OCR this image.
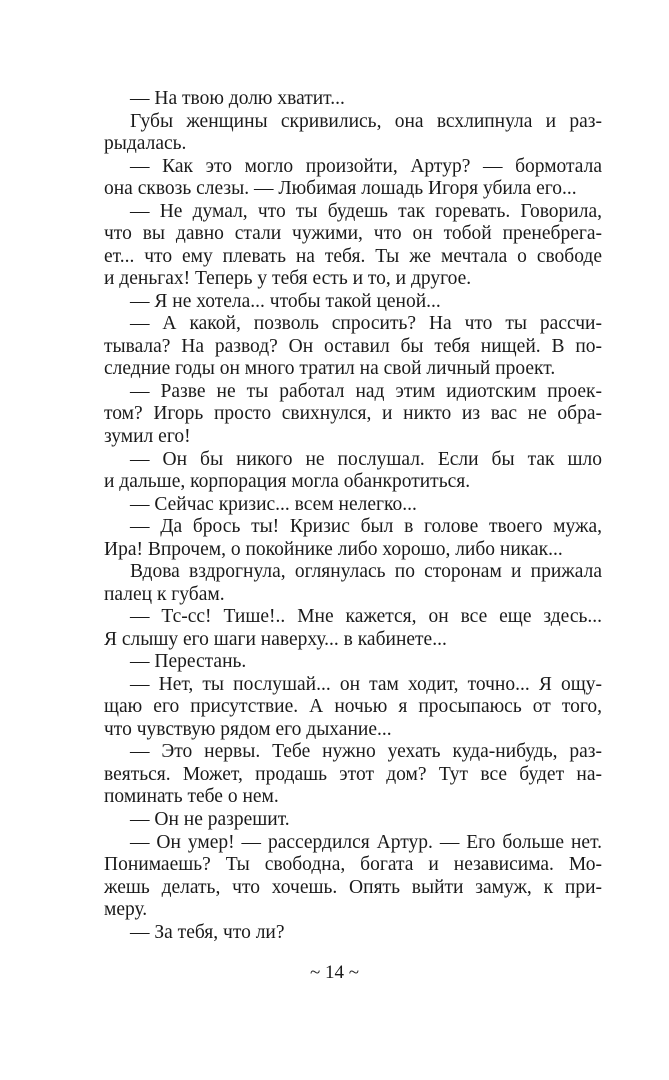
— На твою долю хватит...
Губы женщины скривились, она всхлипнула и раз-
рыдалась.
— Как это могло произойти, Артур? — бормотала
она сквозь слезы. — Любимая лошадь Игоря убила его...
— Не думал, что ты будешь так горевать. Говорила,
что вы давно стали чужими, что он тобой пренебрега-
ет... что ему плевать на тебя. Ты же мечтала о свободе
и деньгах! Теперь у тебя есть и то, и другое.
— Я не хотела... чтобы такой ценой...
— А какой, позволь спросить? На что ты рассчи-
тывала? На развод? Он оставил бы тебя нищей. В по-
следние годы он много тратил на свой личный проект.
— Разве не ты работал над этим идиотским проек-
том? Игорь просто свихнулся, и никто из вас не обра-
зумил его!
— Он бы никого не послушал. Если бы так шло
и дальше, корпорация могла обанкротиться.
— Сейчас кризис... всем нелегко...
— Да брось ты! Кризис был в голове твоего мужа,
Ира! Впрочем, о покойнике либо хорошо, либо никак...
Вдова вздрогнула, оглянулась по сторонам и прижала
палец к губам.
— Тс-сс! Тише!.. Мне кажется, он все еще здесь...
Я слышу его шаги наверху... в кабинете...
— Перестань.
— Нет, ты послушай... он там ходит, точно... Я ощу-
щаю его присутствие. А ночью я просыпаюсь от того,
что чувствую рядом его дыхание...
— Это нервы. Тебе нужно уехать куда-нибудь, раз-
веяться. Может, продашь этот дом? Тут все будет на-
поминать тебе о нем.
— Он не разрешит.
— Он умер! — рассердился Артур. — Его больше нет.
Понимаешь? Ты свободна, богата и независима. Мо-
жешь делать, что хочешь. Опять выйти замуж, к при-
меру.
— За тебя, что ли?
~ 14 ~
